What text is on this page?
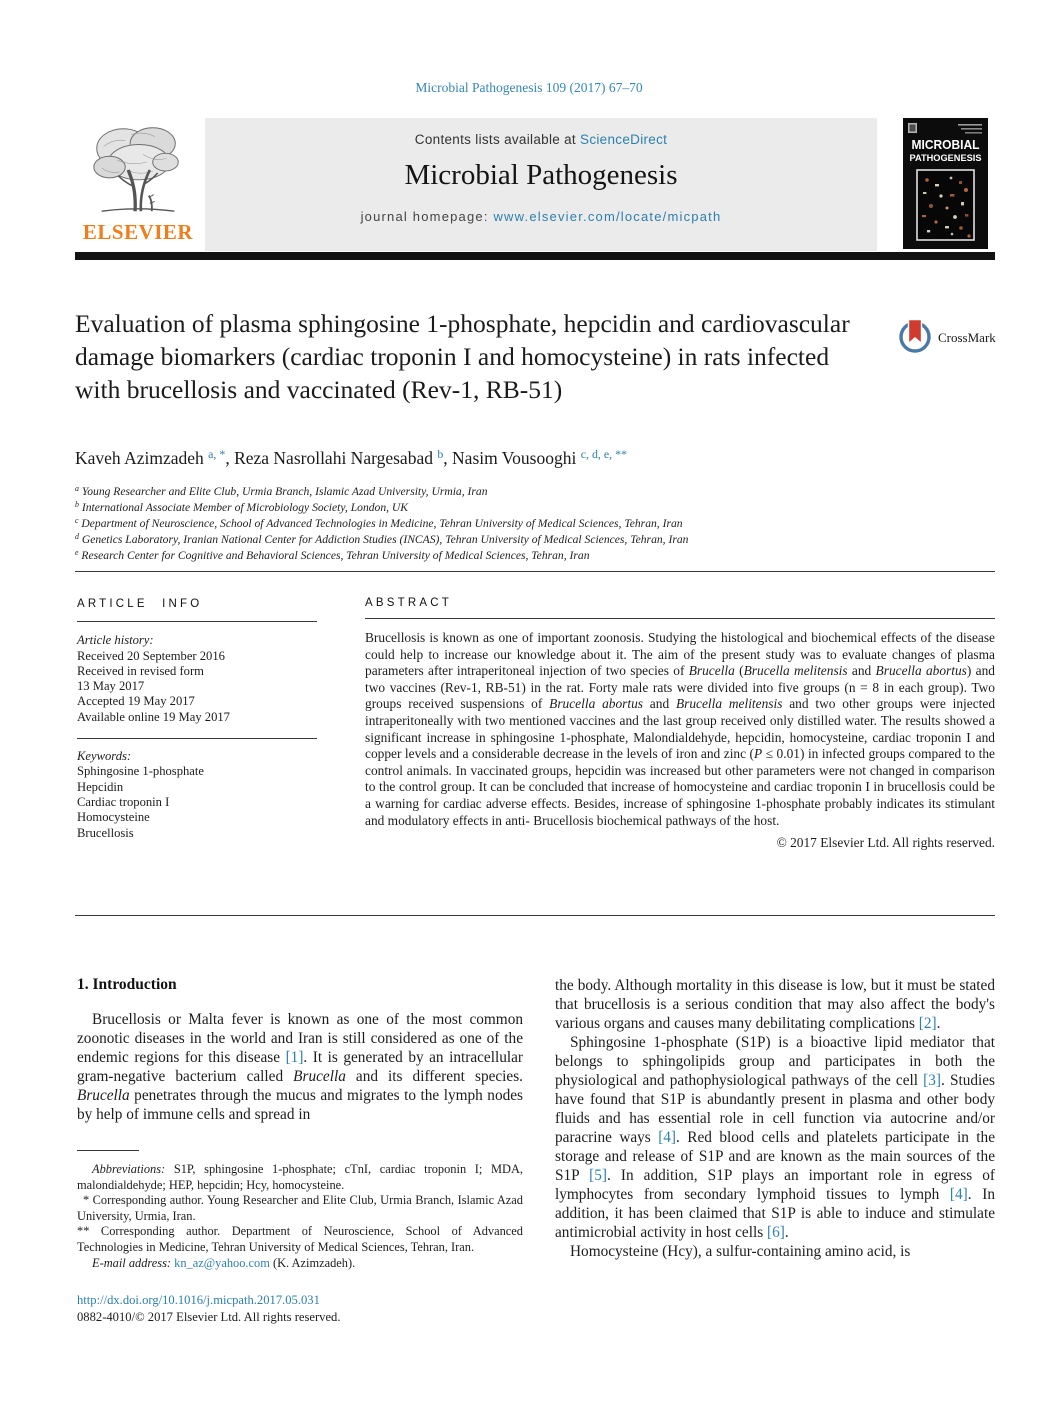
Microbial Pathogenesis 109 (2017) 67–70
ELSEVIER
Contents lists available at ScienceDirect
Microbial Pathogenesis
journal homepage: www.elsevier.com/locate/micpath
MICROBIAL
PATHOGENESIS
Evaluation of plasma sphingosine 1-phosphate, hepcidin and cardiovascular damage biomarkers (cardiac troponin I and homocysteine) in rats infected with brucellosis and vaccinated (Rev-1, RB-51)
CrossMark
Kaveh Azimzadeh $^{a, *}$, Reza Nasrollahi Nargesabad $^b$, Nasim Vousooghi $^{c, d, e, **}$
$^a$ Young Researcher and Elite Club, Urmia Branch, Islamic Azad University, Urmia, Iran
$^b$ International Associate Member of Microbiology Society, London, UK
$^c$ Department of Neuroscience, School of Advanced Technologies in Medicine, Tehran University of Medical Sciences, Tehran, Iran
$^d$ Genetics Laboratory, Iranian National Center for Addiction Studies (INCAS), Tehran University of Medical Sciences, Tehran, Iran
$^e$ Research Center for Cognitive and Behavioral Sciences, Tehran University of Medical Sciences, Tehran, Iran
ARTICLE INFO
Article history:
Received 20 September 2016
Received in revised form
13 May 2017
Accepted 19 May 2017
Available online 19 May 2017
Keywords:
Sphingosine 1-phosphate
Hepcidin
Cardiac troponin I
Homocysteine
Brucellosis
ABSTRACT
Brucellosis is known as one of important zoonosis. Studying the histological and biochemical effects of the disease could help to increase our knowledge about it. The aim of the present study was to evaluate changes of plasma parameters after intraperitoneal injection of two species of Brucella (Brucella melitensis and Brucella abortus) and two vaccines (Rev-1, RB-51) in the rat. Forty male rats were divided into five groups (n = 8 in each group). Two groups received suspensions of Brucella abortus and Brucella melitensis and two other groups were injected intraperitoneally with two mentioned vaccines and the last group received only distilled water. The results showed a significant increase in sphingosine 1-phosphate, Malondialdehyde, hepcidin, homocysteine, cardiac troponin I and copper levels and a considerable decrease in the levels of iron and zinc (P ≤ 0.01) in infected groups compared to the control animals. In vaccinated groups, hepcidin was increased but other parameters were not changed in comparison to the control group. It can be concluded that increase of homocysteine and cardiac troponin I in brucellosis could be a warning for cardiac adverse effects. Besides, increase of sphingosine 1-phosphate probably indicates its stimulant and modulatory effects in anti- Brucellosis biochemical pathways of the host.
© 2017 Elsevier Ltd. All rights reserved.
1. Introduction

Brucellosis or Malta fever is known as one of the most common zoonotic diseases in the world and Iran is still considered as one of the endemic regions for this disease [1]. It is generated by an intracellular gram-negative bacterium called Brucella and its different species. Brucella penetrates through the mucus and migrates to the lymph nodes by help of immune cells and spread in

the body. Although mortality in this disease is low, but it must be stated that brucellosis is a serious condition that may also affect the body's various organs and causes many debilitating complications [2].

Sphingosine 1-phosphate (S1P) is a bioactive lipid mediator that belongs to sphingolipids group and participates in both the physiological and pathophysiological pathways of the cell [3]. Studies have found that S1P is abundantly present in plasma and other body fluids and has essential role in cell function via autocrine and/or paracrine ways [4]. Red blood cells and platelets participate in the storage and release of S1P and are known as the main sources of the S1P [5]. In addition, S1P plays an important role in egress of lymphocytes from secondary lymphoid tissues to lymph [4]. In addition, it has been claimed that S1P is able to induce and stimulate antimicrobial activity in host cells [6].

Homocysteine (Hcy), a sulfur-containing amino acid, is

Abbreviations: S1P, sphingosine 1-phosphate; cTnI, cardiac troponin I; MDA, malondialdehyde; HEP, hepcidin; Hcy, homocysteine.

* Corresponding author. Young Researcher and Elite Club, Urmia Branch, Islamic Azad University, Urmia, Iran.

** Corresponding author. Department of Neuroscience, School of Advanced Technologies in Medicine, Tehran University of Medical Sciences, Tehran, Iran.

E-mail address: kn_az@yahoo.com (K. Azimzadeh).

http://dx.doi.org/10.1016/j.micpath.2017.05.031
0882-4010/© 2017 Elsevier Ltd. All rights reserved.
